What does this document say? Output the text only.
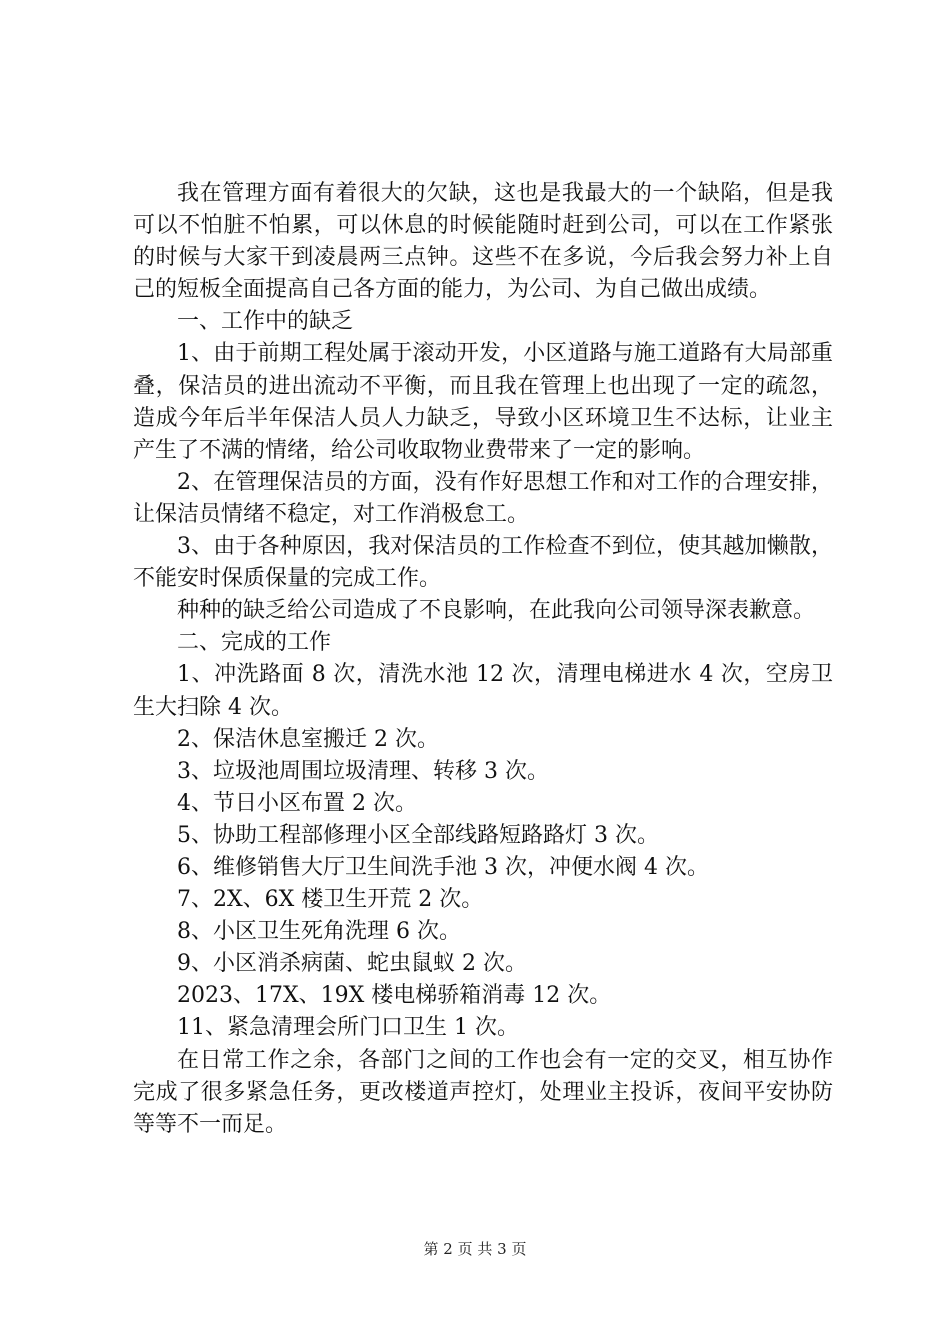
我在管理方面有着很大的欠缺，这也是我最大的一个缺陷，但是我可以不怕脏不怕累，可以休息的时候能随时赶到公司，可以在工作紧张的时候与大家干到凌晨两三点钟。这些不在多说，今后我会努力补上自己的短板全面提高自己各方面的能力，为公司、为自己做出成绩。

一、工作中的缺乏

1、由于前期工程处属于滚动开发，小区道路与施工道路有大局部重叠，保洁员的进出流动不平衡，而且我在管理上也出现了一定的疏忽，造成今年后半年保洁人员人力缺乏，导致小区环境卫生不达标，让业主产生了不满的情绪，给公司收取物业费带来了一定的影响。

2、在管理保洁员的方面，没有作好思想工作和对工作的合理安排，让保洁员情绪不稳定，对工作消极怠工。

3、由于各种原因，我对保洁员的工作检查不到位，使其越加懒散，不能安时保质保量的完成工作。

种种的缺乏给公司造成了不良影响，在此我向公司领导深表歉意。

二、完成的工作

1、冲洗路面 8 次，清洗水池 12 次，清理电梯进水 4 次，空房卫生大扫除 4 次。

2、保洁休息室搬迁 2 次。

3、垃圾池周围垃圾清理、转移 3 次。

4、节日小区布置 2 次。

5、协助工程部修理小区全部线路短路路灯 3 次。

6、维修销售大厅卫生间洗手池 3 次，冲便水阀 4 次。

7、2X、6X 楼卫生开荒 2 次。

8、小区卫生死角洗理 6 次。

9、小区消杀病菌、蛇虫鼠蚁 2 次。

2023、17X、19X 楼电梯骄箱消毒 12 次。

11、紧急清理会所门口卫生 1 次。

在日常工作之余，各部门之间的工作也会有一定的交叉，相互协作完成了很多紧急任务，更改楼道声控灯，处理业主投诉，夜间平安协防等等不一而足。

第 2 页 共 3 页
